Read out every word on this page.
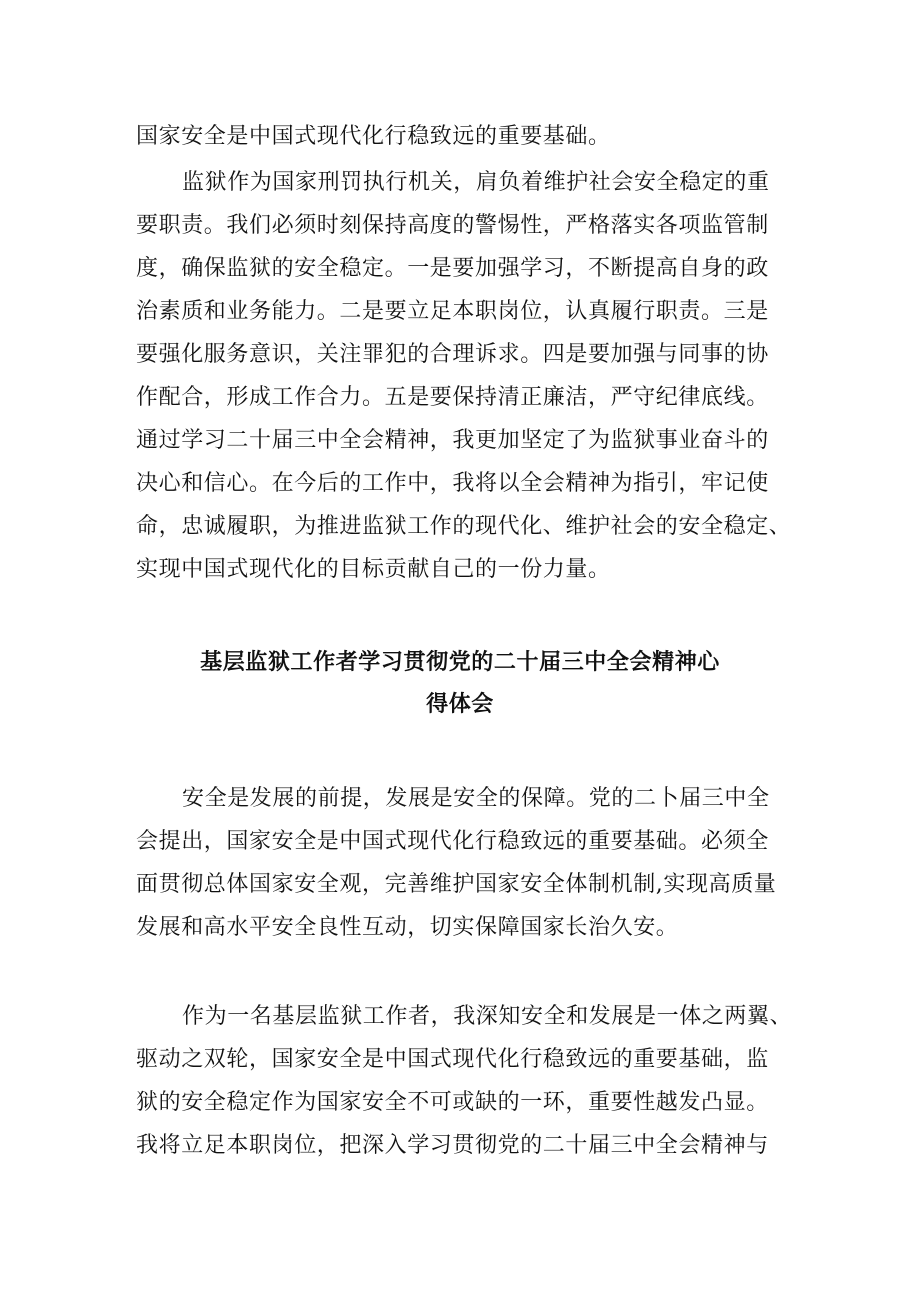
国家安全是中国式现代化行稳致远的重要基础。
监狱作为国家刑罚执行机关，肩负着维护社会安全稳定的重
要职责。我们必须时刻保持高度的警惕性，严格落实各项监管制
度，确保监狱的安全稳定。一是要加强学习，不断提高自身的政
治素质和业务能力。二是要立足本职岗位，认真履行职责。三是
要强化服务意识，关注罪犯的合理诉求。四是要加强与同事的协
作配合，形成工作合力。五是要保持清正廉洁，严守纪律底线。
通过学习二十届三中全会精神，我更加坚定了为监狱事业奋斗的
决心和信心。在今后的工作中，我将以全会精神为指引，牢记使
命，忠诚履职，为推进监狱工作的现代化、维护社会的安全稳定、
实现中国式现代化的目标贡献自己的一份力量。
基层监狱工作者学习贯彻党的二十届三中全会精神心
得体会
安全是发展的前提，发展是安全的保障。党的二卜届三中全
会提出，国家安全是中国式现代化行稳致远的重要基础。必须全
面贯彻总体国家安全观，完善维护国家安全体制机制,实现高质量
发展和高水平安全良性互动，切实保障国家长治久安。
作为一名基层监狱工作者，我深知安全和发展是一体之两翼、
驱动之双轮，国家安全是中国式现代化行稳致远的重要基础，监
狱的安全稳定作为国家安全不可或缺的一环，重要性越发凸显。
我将立足本职岗位，把深入学习贯彻党的二十届三中全会精神与
